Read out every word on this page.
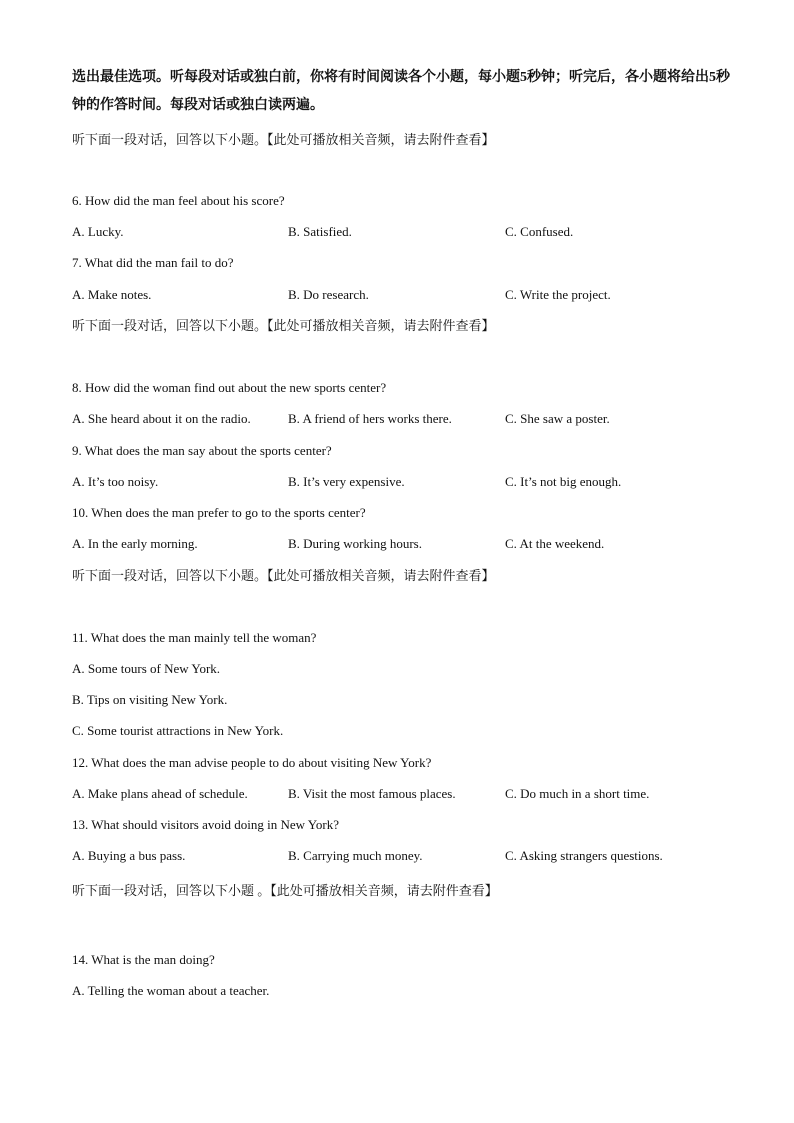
选出最佳选项。听每段对话或独白前，你将有时间阅读各个小题，每小题5秒钟；听完后，各小题将给出5秒钟的作答时间。每段对话或独白读两遍。

听下面一段对话，回答以下小题。【此处可播放相关音频，请去附件查看】

6. How did the man feel about his score?

A. Lucky.	B. Satisfied.	C. Confused.

7. What did the man fail to do?

A. Make notes.	B. Do research.	C. Write the project.

听下面一段对话，回答以下小题。【此处可播放相关音频，请去附件查看】

8. How did the woman find out about the new sports center?

A. She heard about it on the radio.	B. A friend of hers works there.	C. She saw a poster.

9. What does the man say about the sports center?

A. It’s too noisy.	B. It’s very expensive.	C. It’s not big enough.

10. When does the man prefer to go to the sports center?

A. In the early morning.	B. During working hours.	C. At the weekend.

听下面一段对话，回答以下小题。【此处可播放相关音频，请去附件查看】

11. What does the man mainly tell the woman?

A. Some tours of New York.

B. Tips on visiting New York.

C. Some tourist attractions in New York.

12. What does the man advise people to do about visiting New York?

A. Make plans ahead of schedule.	B. Visit the most famous places.	C. Do much in a short time.

13. What should visitors avoid doing in New York?

A. Buying a bus pass.	B. Carrying much money.	C. Asking strangers questions.

听下面一段对话，回答以下小题 。【此处可播放相关音频，请去附件查看】

14. What is the man doing?

A. Telling the woman about a teacher.
